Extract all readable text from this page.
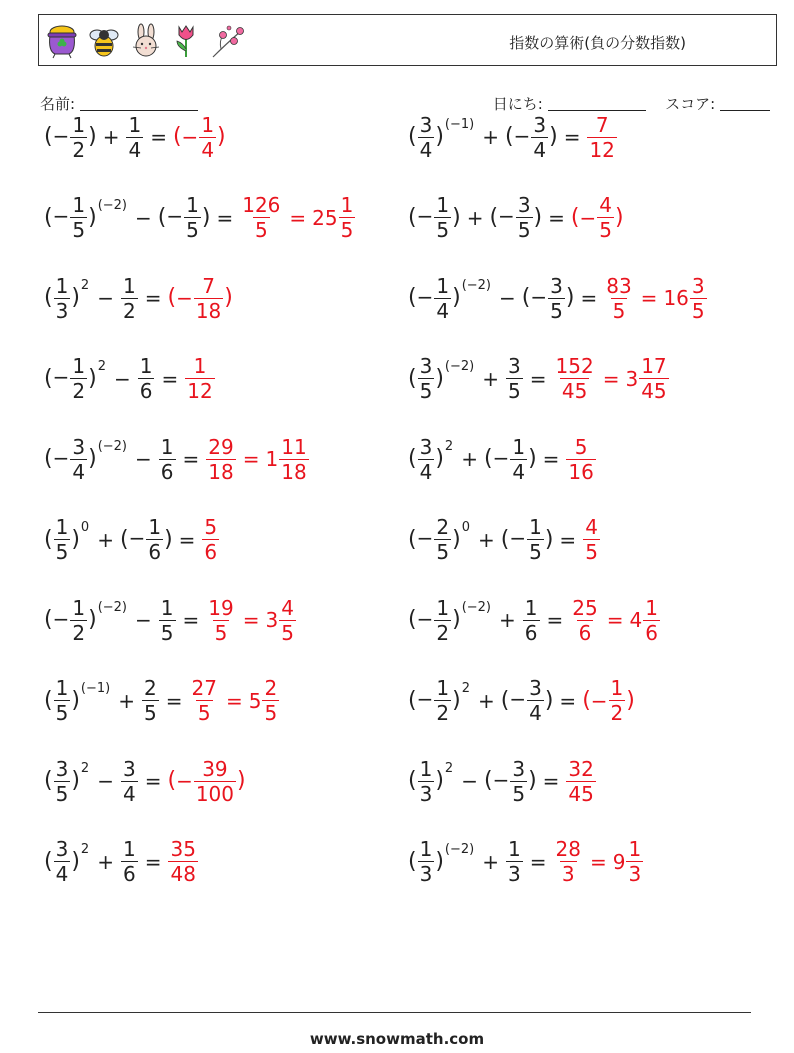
指数の算術(負の分数指数)
名前:	日にち:	スコア:
( − $\frac{1}{2}$ ) + $\frac{1}{4}$ = ( − $\frac{1}{4}$ )	( $\frac{3}{4}$ ) (−1)
+ ( − $\frac{3}{4}$ ) = $\frac{7}{12}$
( − $\frac{1}{5}$ ) (−2)
− ( − $\frac{1}{5}$ ) = $\frac{126}{5} = 25 \frac{1}{5}$ ( − $\frac{1}{5}$ ) + ( − $\frac{3}{5}$ ) = ( − $\frac{4}{5}$ )
( $\frac{1}{3}$ ) 2
− $\frac{1}{2}$ = ( − $\frac{7}{18}$ )	( − $\frac{1}{4}$ ) (−2)
− ( − $\frac{3}{5}$ ) = $\frac{83}{5} = 16 \frac{3}{5}$
( − $\frac{1}{2}$ ) 2
− $\frac{1}{6} = \frac{1}{12}$	( $\frac{3}{5}$ ) (−2)
+ $\frac{3}{5} = \frac{152}{45} = 3 \frac{17}{45}$
( − $\frac{3}{4}$ ) (−2)
− $\frac{1}{6} = \frac{29}{18} = 1 \frac{11}{18}$	( $\frac{3}{4}$ ) 2
+ ( − $\frac{1}{4}$ ) = $\frac{5}{16}$
( $\frac{1}{5}$ ) 0
+ ( − $\frac{1}{6}$ ) = $\frac{5}{6}$	( − $\frac{2}{5}$ ) 0
+ ( − $\frac{1}{5}$ ) = $\frac{4}{5}$
( − $\frac{1}{2}$ ) (−2)
− $\frac{1}{5} = \frac{19}{5} = 3 \frac{4}{5}$	( − $\frac{1}{2}$ ) (−2)
+ $\frac{1}{6} = \frac{25}{6} = 4 \frac{1}{6}$
( $\frac{1}{5}$ ) (−1)
+ $\frac{2}{5} = \frac{27}{5} = 5 \frac{2}{5}$	( − $\frac{1}{2}$ ) 2
+ ( − $\frac{3}{4}$ ) = ( − $\frac{1}{2}$ )
( $\frac{3}{5}$ ) 2
− $\frac{3}{4}$ = ( − $\frac{39}{100}$ )	( $\frac{1}{3}$ ) 2
− ( − $\frac{3}{5}$ ) = $\frac{32}{45}$
( $\frac{3}{4}$ ) 2
+ $\frac{1}{6} = \frac{35}{48}$	( $\frac{1}{3}$ ) (−2)
+ $\frac{1}{3} = \frac{28}{3} = 9 \frac{1}{3}$
www.snowmath.com
